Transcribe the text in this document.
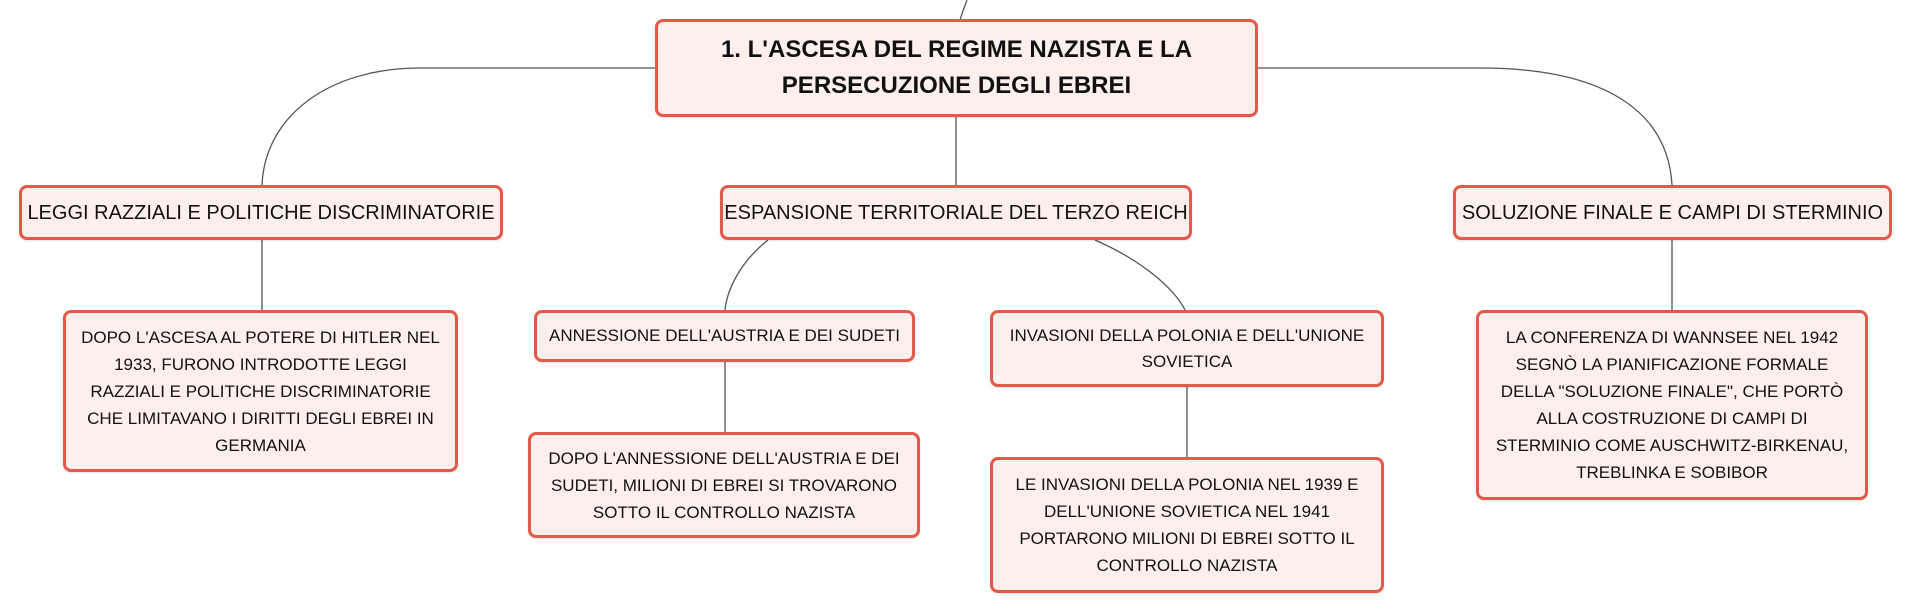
1. L'ASCESA DEL REGIME NAZISTA E LA PERSECUZIONE DEGLI EBREI
LEGGI RAZZIALI E POLITICHE DISCRIMINATORIE	ESPANSIONE TERRITORIALE DEL TERZO REICH	SOLUZIONE FINALE E CAMPI DI STERMINIO
DOPO L'ASCESA AL POTERE DI HITLER NEL 1933, FURONO INTRODOTTE LEGGI RAZZIALI E POLITICHE DISCRIMINATORIE CHE LIMITAVANO I DIRITTI DEGLI EBREI IN GERMANIA
ANNESSIONE DELL'AUSTRIA E DEI SUDETI	INVASIONI DELLA POLONIA E DELL'UNIONE SOVIETICA
DOPO L'ANNESSIONE DELL'AUSTRIA E DEI SUDETI, MILIONI DI EBREI SI TROVARONO SOTTO IL CONTROLLO NAZISTA
LE INVASIONI DELLA POLONIA NEL 1939 E DELL'UNIONE SOVIETICA NEL 1941 PORTARONO MILIONI DI EBREI SOTTO IL CONTROLLO NAZISTA
LA CONFERENZA DI WANNSEE NEL 1942 SEGNÒ LA PIANIFICAZIONE FORMALE DELLA "SOLUZIONE FINALE", CHE PORTÒ ALLA COSTRUZIONE DI CAMPI DI STERMINIO COME AUSCHWITZ-BIRKENAU, TREBLINKA E SOBIBOR
